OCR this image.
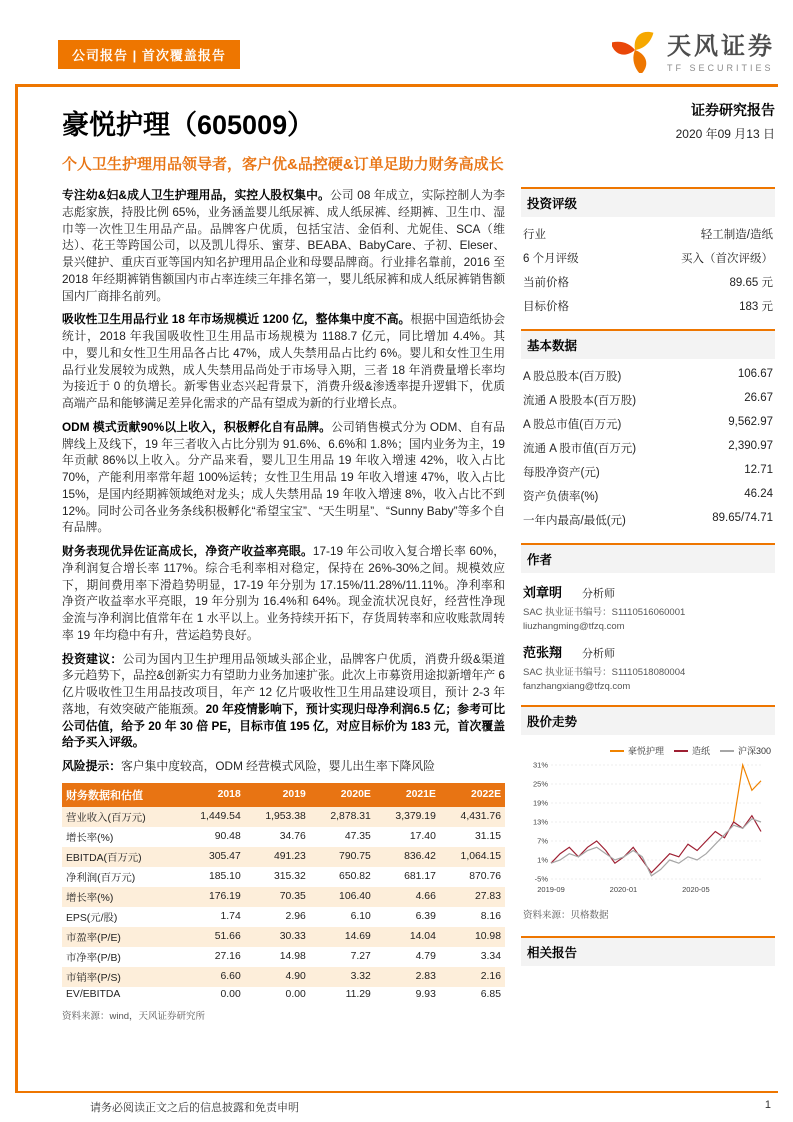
公司报告 | 首次覆盖报告	天风证券
TF SECURITIES
豪悦护理（605009）	证券研究报告
2020 年09 月13 日
个人卫生护理用品领导者，客户优&品控硬&订单足助力财务高成长

专注幼&妇&成人卫生护理用品，实控人股权集中。公司 08 年成立，实际控制人为李志彪家族，持股比例 65%，业务涵盖婴儿纸尿裤、成人纸尿裤、经期裤、卫生巾、湿巾等一次性卫生用品产品。品牌客户优质，包括宝洁、金佰利、尤妮佳、SCA（维达）、花王等跨国公司，以及凯儿得乐、蜜芽、BEABA、BabyCare、子初、Eleser、景兴健护、重庆百亚等国内知名护理用品企业和母婴品牌商。行业排名靠前，2016 至 2018 年经期裤销售额国内市占率连续三年排名第一，婴儿纸尿裤和成人纸尿裤销售额国内厂商排名前列。

吸收性卫生用品行业 18 年市场规模近 1200 亿，整体集中度不高。根据中国造纸协会统计，2018 年我国吸收性卫生用品市场规模为 1188.7 亿元，同比增加 4.4%。其中，婴儿和女性卫生用品各占比 47%，成人失禁用品占比约 6%。婴儿和女性卫生用品行业发展较为成熟，成人失禁用品尚处于市场导入期，三者 18 年消费量增长率均为接近于 0 的负增长。新零售业态兴起背景下，消费升级&渗透率提升逻辑下，优质高端产品和能够满足差异化需求的产品有望成为新的行业增长点。

ODM 模式贡献90%以上收入，积极孵化自有品牌。公司销售模式分为 ODM、自有品牌线上及线下，19 年三者收入占比分别为 91.6%、6.6%和 1.8%；国内业务为主，19 年贡献 86%以上收入。分产品来看，婴儿卫生用品 19 年收入增速 42%，收入占比 70%，产能利用率常年超 100%运转；女性卫生用品 19 年收入增速 47%，收入占比 15%，是国内经期裤领域绝对龙头；成人失禁用品 19 年收入增速 8%，收入占比不到 12%。同时公司各业务条线积极孵化“希望宝宝”、“天生明星”、“Sunny Baby”等多个自有品牌。

财务表现优异佐证高成长，净资产收益率亮眼。17-19 年公司收入复合增长率 60%，净利润复合增长率 117%。综合毛利率相对稳定，保持在 26%-30%之间。规模效应下，期间费用率下滑趋势明显，17-19 年分别为 17.15%/11.28%/11.11%。净利率和净资产收益率水平亮眼，19 年分别为 16.4%和 64%。现金流状况良好，经营性净现金流与净利润比值常年在 1 水平以上。业务持续开拓下，存货周转率和应收账款周转率 19 年均稳中有升，营运趋势良好。

投资建议：公司为国内卫生护理用品领域头部企业，品牌客户优质，消费升级&渠道多元趋势下，品控&创新实力有望助力业务加速扩张。此次上市募资用途拟新增年产 6 亿片吸收性卫生用品技改项目，年产 12 亿片吸收性卫生用品建设项目，预计 2-3 年落地，有效突破产能瓶颈。20 年疫情影响下，预计实现归母净利润6.5 亿；参考可比公司估值，给予 20 年 30 倍 PE，目标市值 195 亿，对应目标价为 183 元，首次覆盖给予买入评级。

风险提示：客户集中度较高，ODM 经营模式风险，婴儿出生率下降风险

财务数据和估值	2018	2019	2020E	2021E	2022E
营业收入(百万元)	1,449.54	1,953.38	2,878.31	3,379.19	4,431.76
增长率(%)	90.48	34.76	47.35	17.40	31.15
EBITDA(百万元)	305.47	491.23	790.75	836.42	1,064.15
净利润(百万元)	185.10	315.32	650.82	681.17	870.76
增长率(%)	176.19	70.35	106.40	4.66	27.83
EPS(元/股)	1.74	2.96	6.10	6.39	8.16
市盈率(P/E)	51.66	30.33	14.69	14.04	10.98
市净率(P/B)	27.16	14.98	7.27	4.79	3.34
市销率(P/S)	6.60	4.90	3.32	2.83	2.16
EV/EBITDA	0.00	0.00	11.29	9.93	6.85
资料来源：wind，天风证券研究所
投资评级
行业	轻工制造/造纸
6 个月评级	买入（首次评级）
当前价格	89.65 元
目标价格	183 元
基本数据
A 股总股本(百万股)	106.67
流通 A 股股本(百万股)	26.67
A 股总市值(百万元)	9,562.97
流通 A 股市值(百万元)	2,390.97
每股净资产(元)	12.71
资产负债率(%)	46.24
一年内最高/最低(元)	89.65/74.71
作者
刘章明 分析师
SAC 执业证书编号：S1110516060001
liuzhangming@tfzq.com
范张翔 分析师
SAC 执业证书编号：S1110518080004
fanzhangxiang@tfzq.com
股价走势
豪悦护理	造纸	沪深300
31%
25%
19%
13%
7%
1%
-5%
2019-09	2020-01	2020-05
资料来源：贝格数据
相关报告
请务必阅读正文之后的信息披露和免责申明	1
